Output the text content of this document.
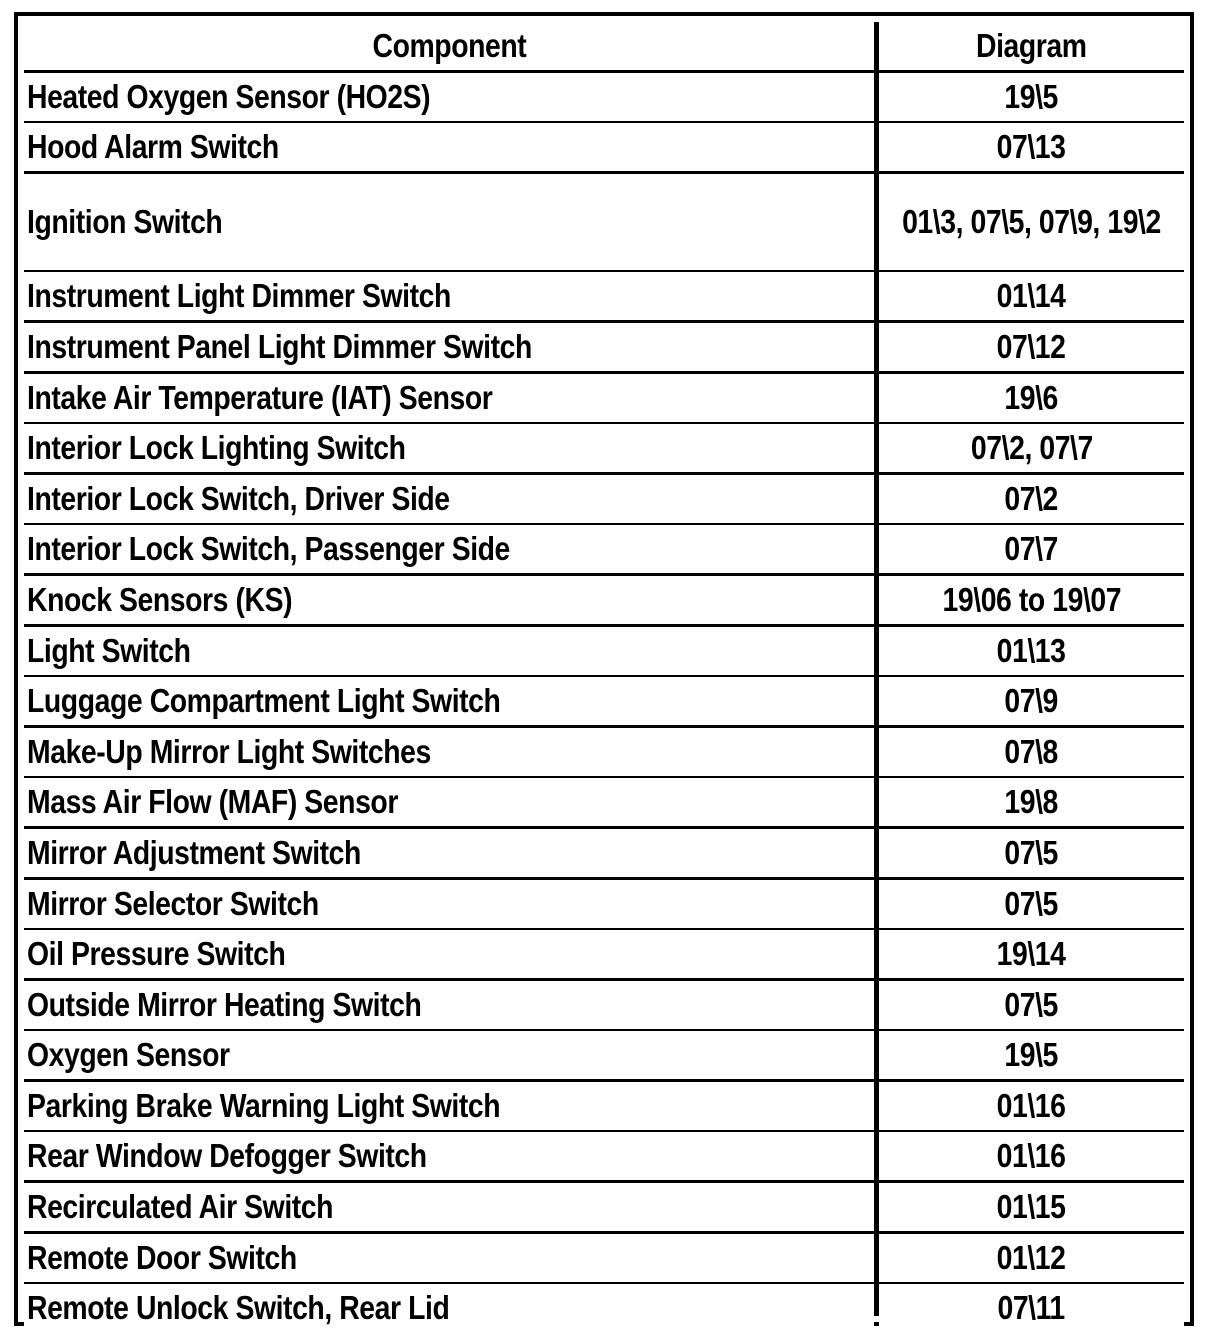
Component	Diagram
Heated Oxygen Sensor (HO2S)	19\5
Hood Alarm Switch	07\13
Ignition Switch	01\3, 07\5, 07\9, 19\2
Instrument Light Dimmer Switch	01\14
Instrument Panel Light Dimmer Switch	07\12
Intake Air Temperature (IAT) Sensor	19\6
Interior Lock Lighting Switch	07\2, 07\7
Interior Lock Switch, Driver Side	07\2
Interior Lock Switch, Passenger Side	07\7
Knock Sensors (KS)	19\06 to 19\07
Light Switch	01\13
Luggage Compartment Light Switch	07\9
Make-Up Mirror Light Switches	07\8
Mass Air Flow (MAF) Sensor	19\8
Mirror Adjustment Switch	07\5
Mirror Selector Switch	07\5
Oil Pressure Switch	19\14
Outside Mirror Heating Switch	07\5
Oxygen Sensor	19\5
Parking Brake Warning Light Switch	01\16
Rear Window Defogger Switch	01\16
Recirculated Air Switch	01\15
Remote Door Switch	01\12
Remote Unlock Switch, Rear Lid	07\11
